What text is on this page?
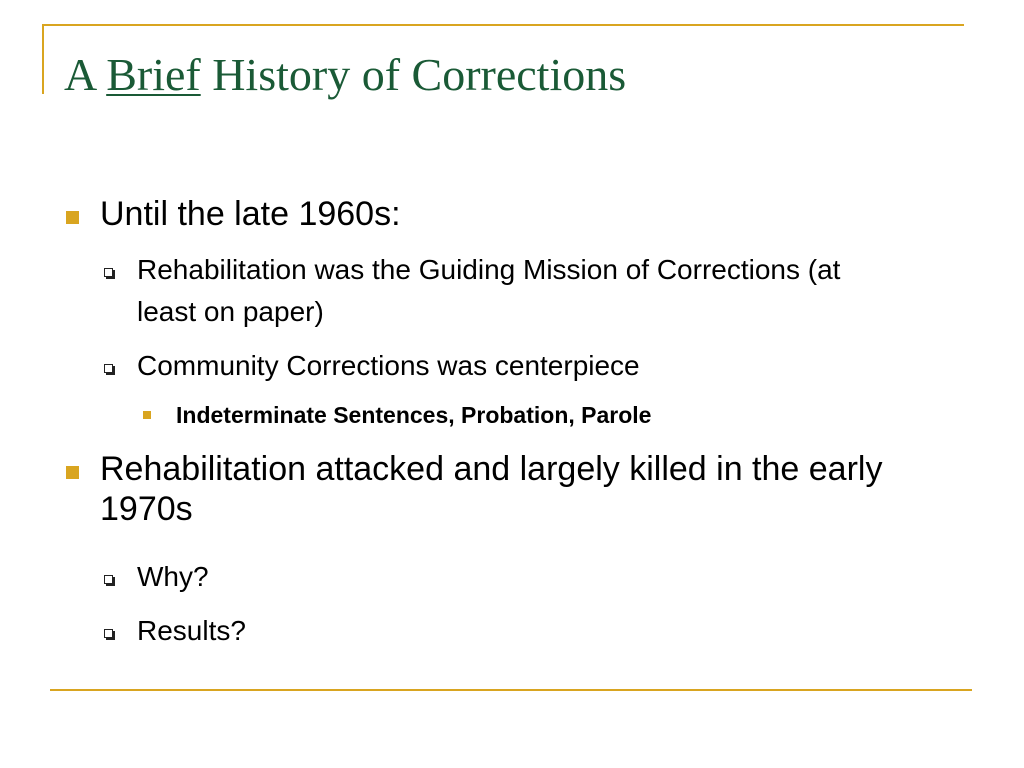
A Brief History of Corrections
Until the late 1960s:
Rehabilitation was the Guiding Mission of Corrections (at least on paper)
Community Corrections was centerpiece
Indeterminate Sentences, Probation, Parole
Rehabilitation attacked and largely killed in the early 1970s
Why?
Results?
